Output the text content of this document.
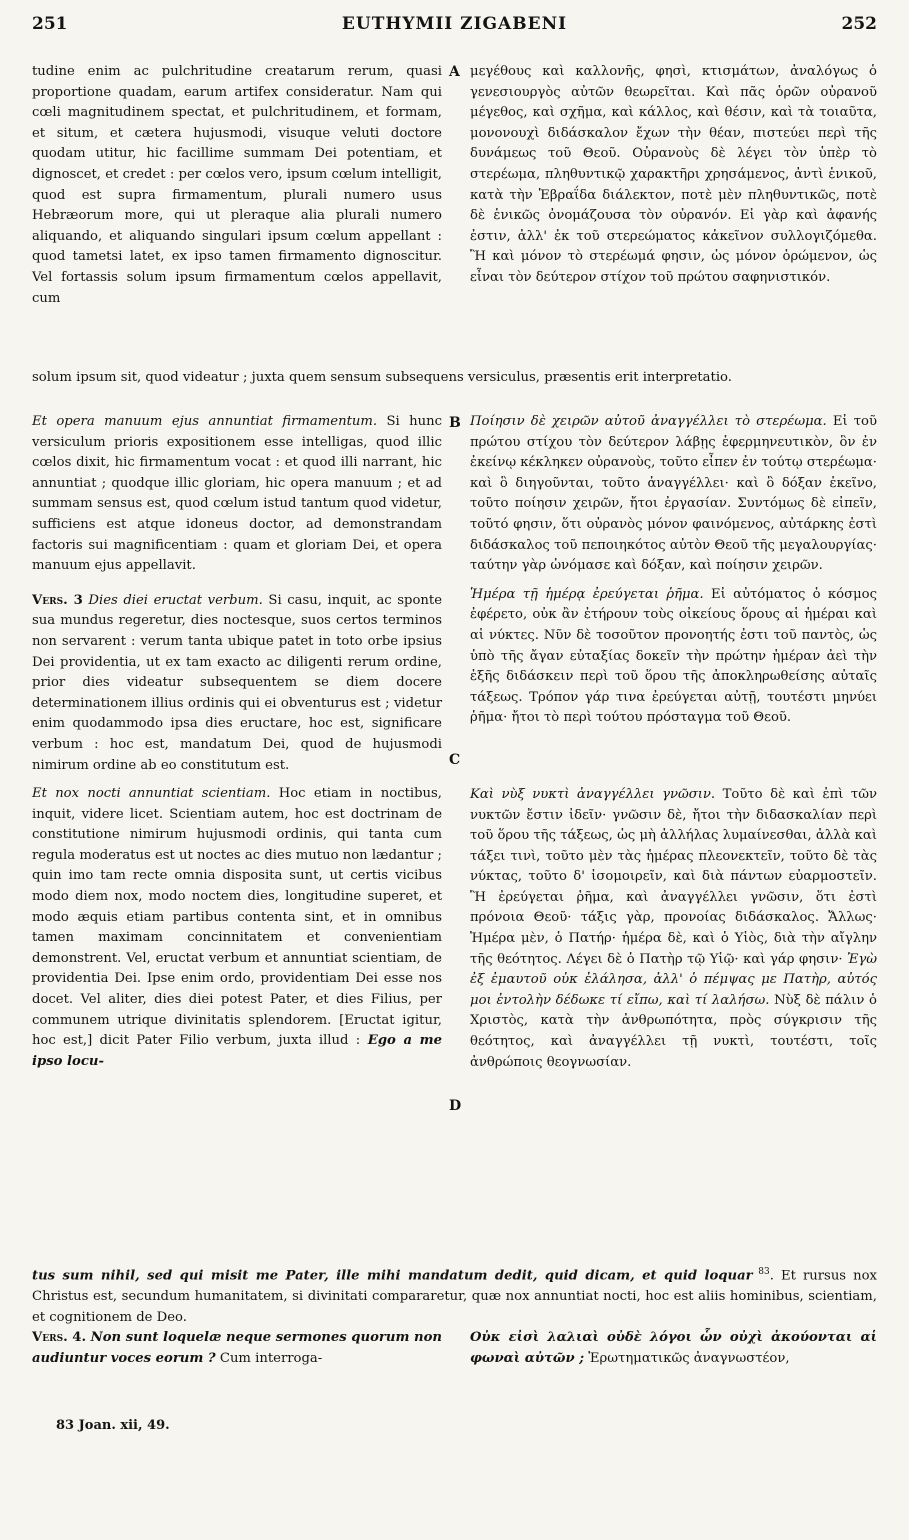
251	EUTHYMII ZIGABENI	252
A
B
C
D

tudine enim ac pulchritudine creatarum rerum, quasi proportione quadam, earum artifex consideratur. Nam qui cœli magnitudinem spectat, et pulchritudinem, et formam, et situm, et cætera hujusmodi, visuque veluti doctore quodam utitur, hic facillime summam Dei potentiam, et dignoscet, et credet : per cœlos vero, ipsum cœlum intelligit, quod est supra firmamentum, plurali numero usus Hebræorum more, qui ut pleraque alia plurali numero aliquando, et aliquando singulari ipsum cœlum appellant : quod tametsi latet, ex ipso tamen firmamento dignoscitur. Vel fortassis solum ipsum firmamentum cœlos appellavit, cum

μεγέθους καὶ καλλονῆς, φησὶ, κτισμάτων, ἀναλόγως ὁ γενεσιουργὸς αὐτῶν θεωρεῖται. Καὶ πᾶς ὁρῶν οὐρανοῦ μέγεθος, καὶ σχῆμα, καὶ κάλλος, καὶ θέσιν, καὶ τὰ τοιαῦτα, μονονουχὶ διδάσκαλον ἔχων τὴν θέαν, πιστεύει περὶ τῆς δυνάμεως τοῦ Θεοῦ. Οὐρανοὺς δὲ λέγει τὸν ὑπὲρ τὸ στερέωμα, πληθυντικῷ χαρακτῆρι χρησάμενος, ἀντὶ ἑνικοῦ, κατὰ τὴν Ἑβραΐδα διάλεκτον, ποτὲ μὲν πληθυντικῶς, ποτὲ δὲ ἑνικῶς ὀνομάζουσα τὸν οὐρανόν. Εἰ γὰρ καὶ ἀφανής ἐστιν, ἀλλ' ἐκ τοῦ στερεώματος κἀκεῖνον συλλογιζόμεθα. Ἢ καὶ μόνον τὸ στερέωμά φησιν, ὡς μόνον ὁρώμενον, ὡς εἶναι τὸν δεύτερον στίχον τοῦ πρώτου σαφηνιστικόν.

solum ipsum sit, quod videatur ; juxta quem sensum subsequens versiculus, præsentis erit interpretatio.

Et opera manuum ejus annuntiat firmamentum. Si hunc versiculum prioris expositionem esse intelligas, quod illic cœlos dixit, hic firmamentum vocat : et quod illi narrant, hic annuntiat ; quodque illic gloriam, hic opera manuum ; et ad summam sensus est, quod cœlum istud tantum quod videtur, sufficiens est atque idoneus doctor, ad demonstrandam factoris sui magnificentiam : quam et gloriam Dei, et opera manuum ejus appellavit.

Vers. 3 Dies diei eructat verbum. Si casu, inquit, ac sponte sua mundus regeretur, dies noctesque, suos certos terminos non servarent : verum tanta ubique patet in toto orbe ipsius Dei providentia, ut ex tam exacto ac diligenti rerum ordine, prior dies videatur subsequentem se diem docere determinationem illius ordinis qui ei obventurus est ; videtur enim quodammodo ipsa dies eructare, hoc est, significare verbum : hoc est, mandatum Dei, quod de hujusmodi nimirum ordine ab eo constitutum est.

Et nox nocti annuntiat scientiam. Hoc etiam in noctibus, inquit, videre licet. Scientiam autem, hoc est doctrinam de constitutione nimirum hujusmodi ordinis, qui tanta cum regula moderatus est ut noctes ac dies mutuo non lædantur ; quin imo tam recte omnia disposita sunt, ut certis vicibus modo diem nox, modo noctem dies, longitudine superet, et modo æquis etiam partibus contenta sint, et in omnibus tamen maximam concinnitatem et convenientiam demonstrent. Vel, eructat verbum et annuntiat scientiam, de providentia Dei. Ipse enim ordo, providentiam Dei esse nos docet. Vel aliter, dies diei potest Pater, et dies Filius, per communem utrique divinitatis splendorem. [Eructat igitur, hoc est,] dicit Pater Filio verbum, juxta illud : Ego a me ipso locu-

Ποίησιν δὲ χειρῶν αὐτοῦ ἀναγγέλλει τὸ στερέωμα. Εἰ τοῦ πρώτου στίχου τὸν δεύτερον λάβῃς ἑφερμηνευτικὸν, ὃν ἐν ἐκείνῳ κέκληκεν οὐρανοὺς, τοῦτο εἶπεν ἐν τούτῳ στερέωμα· καὶ ὃ διηγοῦνται, τοῦτο ἀναγγέλλει· καὶ ὃ δόξαν ἐκεῖνο, τοῦτο ποίησιν χειρῶν, ἤτοι ἐργασίαν. Συντόμως δὲ εἰπεῖν, τοῦτό φησιν, ὅτι οὐρανὸς μόνον φαινόμενος, αὐτάρκης ἐστὶ διδάσκαλος τοῦ πεποιηκότος αὐτὸν Θεοῦ τῆς μεγαλουργίας· ταύτην γὰρ ὠνόμασε καὶ δόξαν, καὶ ποίησιν χειρῶν.

Ἡμέρα τῇ ἡμέρᾳ ἐρεύγεται ῥῆμα. Εἰ αὐτόματος ὁ κόσμος ἐφέρετο, οὐκ ἂν ἐτήρουν τοὺς οἰκείους ὅρους αἱ ἡμέραι καὶ αἱ νύκτες. Νῦν δὲ τοσοῦτον προνοητής ἐστι τοῦ παντὸς, ὡς ὑπὸ τῆς ἄγαν εὐταξίας δοκεῖν τὴν πρώτην ἡμέραν ἀεὶ τὴν ἑξῆς διδάσκειν περὶ τοῦ ὅρου τῆς ἀποκληρωθείσης αὐταῖς τάξεως. Τρόπον γάρ τινα ἐρεύγεται αὐτῇ, τουτέστι μηνύει ῥῆμα· ἤτοι τὸ περὶ τούτου πρόσταγμα τοῦ Θεοῦ.

Καὶ νὺξ νυκτὶ ἀναγγέλλει γνῶσιν. Τοῦτο δὲ καὶ ἐπὶ τῶν νυκτῶν ἔστιν ἰδεῖν· γνῶσιν δὲ, ἤτοι τὴν διδασκαλίαν περὶ τοῦ ὅρου τῆς τάξεως, ὡς μὴ ἀλλήλας λυμαίνεσθαι, ἀλλὰ καὶ τάξει τινὶ, τοῦτο μὲν τὰς ἡμέρας πλεονεκτεῖν, τοῦτο δὲ τὰς νύκτας, τοῦτο δ' ἰσομοιρεῖν, καὶ διὰ πάντων εὐαρμοστεῖν. Ἢ ἐρεύγεται ῥῆμα, καὶ ἀναγγέλλει γνῶσιν, ὅτι ἐστὶ πρόνοια Θεοῦ· τάξις γὰρ, προνοίας διδάσκαλος. Ἄλλως· Ἡμέρα μὲν, ὁ Πατήρ· ἡμέρα δὲ, καὶ ὁ Υἱὸς, διὰ τὴν αἴγλην τῆς θεότητος. Λέγει δὲ ὁ Πατὴρ τῷ Υἱῷ· καὶ γάρ φησιν· Ἐγὼ ἐξ ἐμαυτοῦ οὐκ ἐλάλησα, ἀλλ' ὁ πέμψας με Πατὴρ, αὐτός μοι ἐντολὴν δέδωκε τί εἴπω, καὶ τί λαλήσω. Νὺξ δὲ πάλιν ὁ Χριστὸς, κατὰ τὴν ἀνθρωπότητα, πρὸς σύγκρισιν τῆς θεότητος, καὶ ἀναγγέλλει τῇ νυκτὶ, τουτέστι, τοῖς ἀνθρώποις θεογνωσίαν.

tus sum nihil, sed qui misit me Pater, ille mihi mandatum dedit, quid dicam, et quid loquar $^{83}$. Et rursus nox Christus est, secundum humanitatem, si divinitati compararetur, quæ nox annuntiat nocti, hoc est aliis hominibus, scientiam, et cognitionem de Deo.

Vers. 4. Non sunt loquelæ neque sermones quorum non audiuntur voces eorum ? Cum interroga-

Οὐκ εἰσὶ λαλιαὶ οὐδὲ λόγοι ὧν οὐχὶ ἀκούονται αἱ φωναὶ αὐτῶν ; Ἐρωτηματικῶς ἀναγνωστέον,

83 Joan. xii, 49.
